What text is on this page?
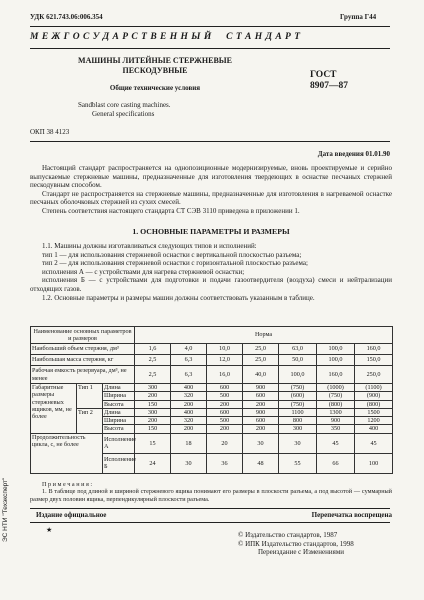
УДК 621.743.06:006.354	Группа Г44
М Е Ж Г О С У Д А Р С Т В Е Н Н Ы Й     С Т А Н Д А Р Т
МАШИНЫ ЛИТЕЙНЫЕ СТЕРЖНЕВЫЕ
ПЕСКОДУВНЫЕ
Общие технические условия
Sandblast core casting machines.
General specifications
ГОСТ
8907—87
ОКП 38 4123
Дата введения 01.01.90
Настоящий стандарт распространяется на однопозиционные модернизируемые, вновь проектируемые и серийно выпускаемые стержневые машины, предназначенные для изготовления твердеющих в оснастке песчаных стержней пескодувным способом.
Стандарт не распространяется на стержневые машины, предназначенные для изготовления в нагреваемой оснастке песчаных оболочковых стержней из сухих смесей.
Степень соответствия настоящего стандарта СТ СЭВ 3110 приведена в приложении 1.
1. ОСНОВНЫЕ ПАРАМЕТРЫ И РАЗМЕРЫ
1.1. Машины должны изготавливаться следующих типов и исполнений:
тип 1 — для использования стержневой оснастки с вертикальной плоскостью разъема;
тип 2 — для использования стержневой оснастки с горизонтальной плоскостью разъема;
исполнения А — с устройствами для нагрева стержневой оснастки;
исполнения Б — с устройствами для подготовки и подачи газоотвердителя (воздуха) смеси и нейтрализации отходящих газов.
1.2. Основные параметры и размеры машин должны соответствовать указанным в таблице.
Наименование основных параметров и размеров			Норма						
Наибольший объем стержня, дм³			1,6	4,0	10,0	25,0	63,0	100,0	160,0
Наибольшая масса стержня, кг			2,5	6,3	12,0	25,0	50,0	100,0	150,0
Рабочая емкость резервуара, дм³, не менее			2,5	6,3	16,0	40,0	100,0	160,0	250,0
Габаритные размеры стержневых ящиков, мм, не более	Тип 1	Длина	300	400	600	900	(750)	(1000)	(1100)
		Ширина	200	320	500	600	(600)	(750)	(900)
		Высота	150	200	200	200	(750)	(800)	(800)
	Тип 2	Длина	300	400	600	900	1100	1300	1500
		Ширина	200	320	500	600	800	900	1200
		Высота	150	200	200	200	300	350	400
Продолжительность цикла, с, не более		Исполнение А	15	18	20	30	30	45	45
		Исполнение Б	24	30	36	48	55	66	100
П р и м е ч а н и я :
1. В таблице под длиной и шириной стержневого ящика понимают его размеры в плоскости разъема, а под высотой — суммарный размер двух половин ящика, перпендикулярный плоскости разъема.
Издание официальное
★
Перепечатка воспрещена
© Издательство стандартов, 1987
© ИПК Издательство стандартов, 1998
Переиздание с Изменениями
ЭС НТИ "Техэксперт"
